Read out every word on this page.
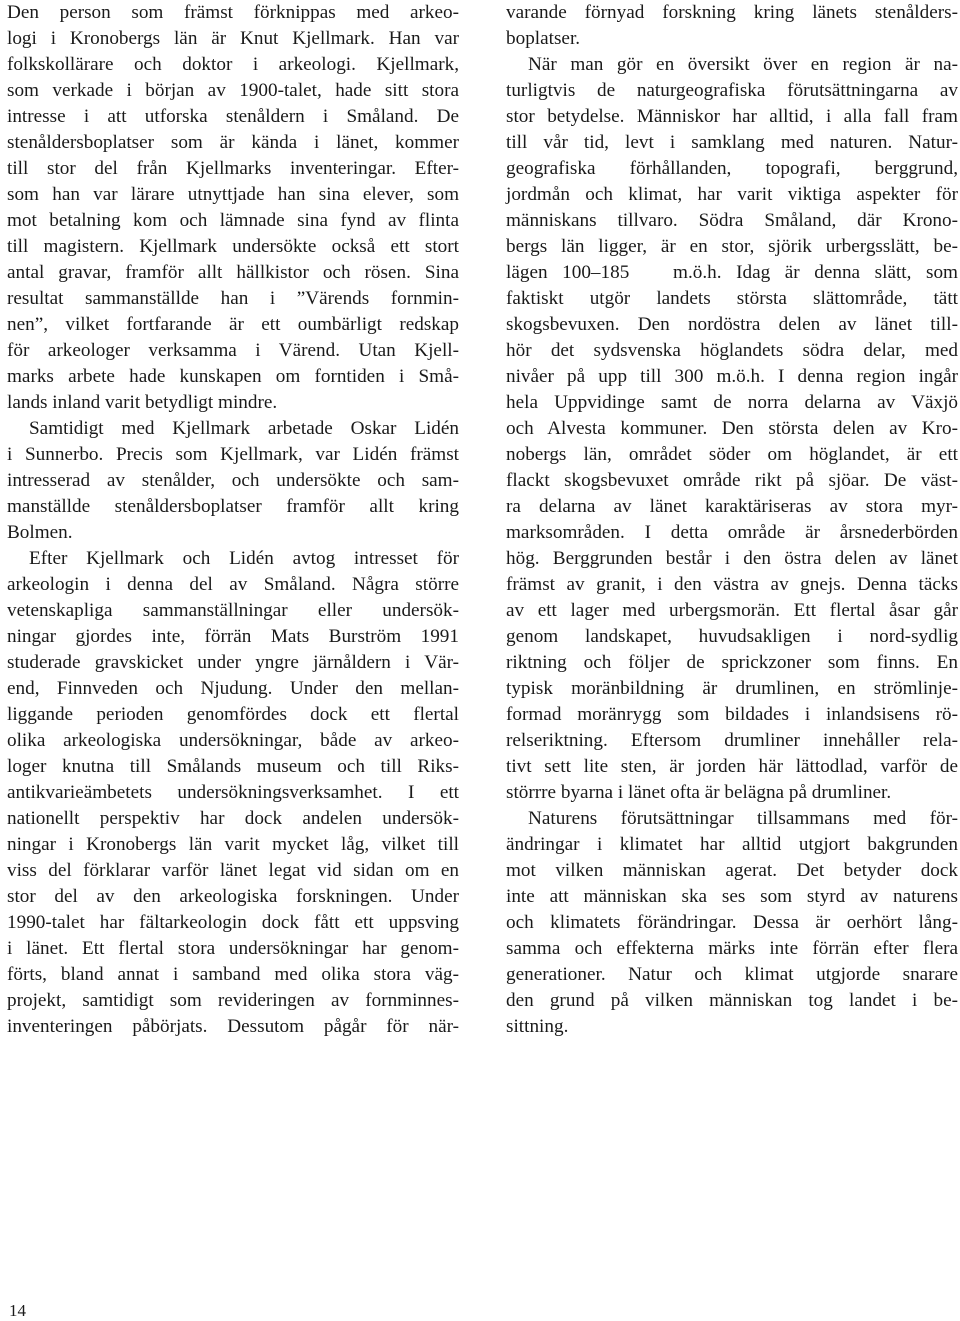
Den person som främst förknippas med arkeo-
logi i Kronobergs län är Knut Kjellmark. Han var
folkskollärare och doktor i arkeologi. Kjellmark,
som verkade i början av 1900-talet, hade sitt stora
intresse i att utforska stenåldern i Småland. De
stenåldersboplatser som är kända i länet, kommer
till stor del från Kjellmarks inventeringar. Efter-
som han var lärare utnyttjade han sina elever, som
mot betalning kom och lämnade sina fynd av flinta
till magistern. Kjellmark undersökte också ett stort
antal gravar, framför allt hällkistor och rösen. Sina
resultat sammanställde han i ”Värends fornmin-
nen”, vilket fortfarande är ett oumbärligt redskap
för arkeologer verksamma i Värend. Utan Kjell-
marks arbete hade kunskapen om forntiden i Små-
lands inland varit betydligt mindre.
Samtidigt med Kjellmark arbetade Oskar Lidén
i Sunnerbo. Precis som Kjellmark, var Lidén främst
intresserad av stenålder, och undersökte och sam-
manställde stenåldersboplatser framför allt kring
Bolmen.
Efter Kjellmark och Lidén avtog intresset för
arkeologin i denna del av Småland. Några större
vetenskapliga sammanställningar eller undersök-
ningar gjordes inte, förrän Mats Burström 1991
studerade gravskicket under yngre järnåldern i Vär-
end, Finnveden och Njudung. Under den mellan-
liggande perioden genomfördes dock ett flertal
olika arkeologiska undersökningar, både av arkeo-
loger knutna till Smålands museum och till Riks-
antikvarieämbetets undersökningsverksamhet. I ett
nationellt perspektiv har dock andelen undersök-
ningar i Kronobergs län varit mycket låg, vilket till
viss del förklarar varför länet legat vid sidan om en
stor del av den arkeologiska forskningen. Under
1990-talet har fältarkeologin dock fått ett uppsving
i länet. Ett flertal stora undersökningar har genom-
förts, bland annat i samband med olika stora väg-
projekt, samtidigt som revideringen av fornminnes-
inventeringen påbörjats. Dessutom pågår för när-
varande förnyad forskning kring länets stenålders-
boplatser.
När man gör en översikt över en region är na-
turligtvis de naturgeografiska förutsättningarna av
stor betydelse. Människor har alltid, i alla fall fram
till vår tid, levt i samklang med naturen. Natur-
geografiska förhållanden, topografi, berggrund,
jordmån och klimat, har varit viktiga aspekter för
människans tillvaro. Södra Småland, där Krono-
bergs län ligger, är en stor, sjörik urbergsslätt, be-
lägen 100–185   m.ö.h. Idag är denna slätt, som
faktiskt utgör landets största slättområde, tätt
skogsbevuxen. Den nordöstra delen av länet till-
hör det sydsvenska höglandets södra delar, med
nivåer på upp till 300 m.ö.h. I denna region ingår
hela Uppvidinge samt de norra delarna av Växjö
och Alvesta kommuner. Den största delen av Kro-
nobergs län, området söder om höglandet, är ett
flackt skogsbevuxet område rikt på sjöar. De väst-
ra delarna av länet karaktäriseras av stora myr-
marksområden. I detta område är årsnederbörden
hög. Berggrunden består i den östra delen av länet
främst av granit, i den västra av gnejs. Denna täcks
av ett lager med urbergsmorän. Ett flertal åsar går
genom landskapet, huvudsakligen i nord-sydlig
riktning och följer de sprickzoner som finns. En
typisk moränbildning är drumlinen, en strömlinje-
formad moränrygg som bildades i inlandsisens rö-
relseriktning. Eftersom drumliner innehåller rela-
tivt sett lite sten, är jorden här lättodlad, varför de
störrre byarna i länet ofta är belägna på drumliner.
Naturens förutsättningar tillsammans med för-
ändringar i klimatet har alltid utgjort bakgrunden
mot vilken människan agerat. Det betyder dock
inte att människan ska ses som styrd av naturens
och klimatets förändringar. Dessa är oerhört lång-
samma och effekterna märks inte förrän efter flera
generationer. Natur och klimat utgjorde snarare
den grund på vilken människan tog landet i be-
sittning.
14
